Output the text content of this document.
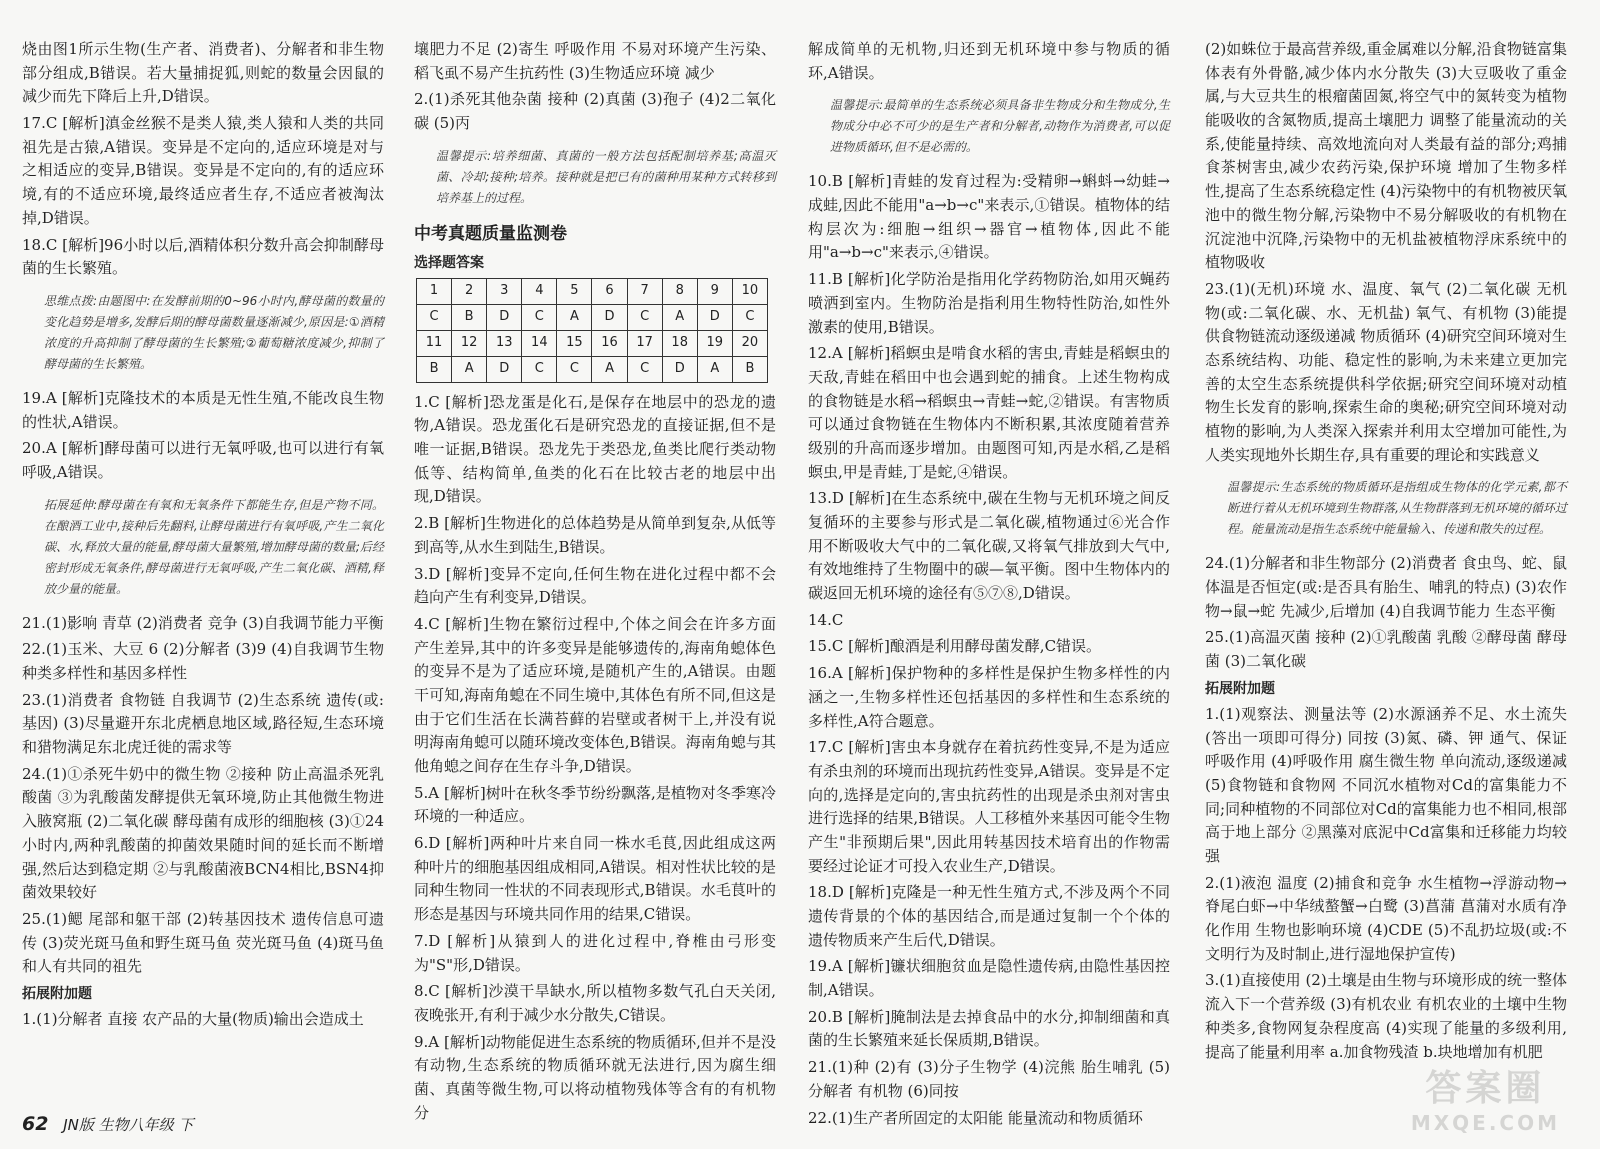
烧由图1所示生物(生产者、消费者)、分解者和非生物部分组成,B错误。若大量捕捉狐,则蛇的数量会因鼠的减少而先下降后上升,D错误。

17.C [解析]滇金丝猴不是类人猿,类人猿和人类的共同祖先是古猿,A错误。变异是不定向的,适应环境是对与之相适应的变异,B错误。变异是不定向的,有的适应环境,有的不适应环境,最终适应者生存,不适应者被淘汰掉,D错误。

18.C [解析]96小时以后,酒精体积分数升高会抑制酵母菌的生长繁殖。

思维点拨:由题图中:在发酵前期的0~96小时内,酵母菌的数量的变化趋势是增多,发酵后期的酵母菌数量逐渐减少,原因是:①酒精浓度的升高抑制了酵母菌的生长繁殖;②葡萄糖浓度减少,抑制了酵母菌的生长繁殖。

19.A [解析]克隆技术的本质是无性生殖,不能改良生物的性状,A错误。

20.A [解析]酵母菌可以进行无氧呼吸,也可以进行有氧呼吸,A错误。

拓展延伸:酵母菌在有氧和无氧条件下都能生存,但是产物不同。在酿酒工业中,接种后先翻料,让酵母菌进行有氧呼吸,产生二氧化碳、水,释放大量的能量,酵母菌大量繁殖,增加酵母菌的数量;后经密封形成无氧条件,酵母菌进行无氧呼吸,产生二氧化碳、酒精,释放少量的能量。

21.(1)影响 青草 (2)消费者 竞争 (3)自我调节能力平衡

22.(1)玉米、大豆 6 (2)分解者 (3)9 (4)自我调节生物种类多样性和基因多样性

23.(1)消费者 食物链 自我调节 (2)生态系统 遗传(或:基因) (3)尽量避开东北虎栖息地区域,路径短,生态环境和猎物满足东北虎迁徙的需求等

24.(1)①杀死牛奶中的微生物 ②接种 防止高温杀死乳酸菌 ③为乳酸菌发酵提供无氧环境,防止其他微生物进入腋窝瓶 (2)二氧化碳 酵母菌有成形的细胞核 (3)①24小时内,两种乳酸菌的抑菌效果随时间的延长而不断增强,然后达到稳定期 ②与乳酸菌液BCN4相比,BSN4抑菌效果较好

25.(1)鳃 尾部和躯干部 (2)转基因技术 遗传信息可遗传 (3)荧光斑马鱼和野生斑马鱼 荧光斑马鱼 (4)斑马鱼和人有共同的祖先

拓展附加题

1.(1)分解者 直接 农产品的大量(物质)输出会造成土

壤肥力不足 (2)寄生 呼吸作用 不易对环境产生污染、稻飞虱不易产生抗药性 (3)生物适应环境 减少

2.(1)杀死其他杂菌 接种 (2)真菌 (3)孢子 (4)2二氧化碳 (5)丙

温馨提示:培养细菌、真菌的一般方法包括配制培养基;高温灭菌、冷却;接种;培养。接种就是把已有的菌种用某种方式转移到培养基上的过程。

中考真题质量监测卷

选择题答案

1	2	3	4	5	6	7	8	9	10
C	B	D	C	A	D	C	A	D	C
11	12	13	14	15	16	17	18	19	20
B	A	D	C	C	A	C	D	A	B

1.C [解析]恐龙蛋是化石,是保存在地层中的恐龙的遗物,A错误。恐龙蛋化石是研究恐龙的直接证据,但不是唯一证据,B错误。恐龙先于类恐龙,鱼类比爬行类动物低等、结构简单,鱼类的化石在比较古老的地层中出现,D错误。

2.B [解析]生物进化的总体趋势是从简单到复杂,从低等到高等,从水生到陆生,B错误。

3.D [解析]变异不定向,任何生物在进化过程中都不会趋向产生有利变异,D错误。

4.C [解析]生物在繁衍过程中,个体之间会在许多方面产生差异,其中的许多变异是能够遗传的,海南角螅体色的变异不是为了适应环境,是随机产生的,A错误。由题干可知,海南角螅在不同生境中,其体色有所不同,但这是由于它们生活在长满苔藓的岩壁或者树干上,并没有说明海南角螅可以随环境改变体色,B错误。海南角螅与其他角螅之间存在生存斗争,D错误。

5.A [解析]树叶在秋冬季节纷纷飘落,是植物对冬季寒冷环境的一种适应。

6.D [解析]两种叶片来自同一株水毛茛,因此组成这两种叶片的细胞基因组成相同,A错误。相对性状比较的是同种生物同一性状的不同表现形式,B错误。水毛茛叶的形态是基因与环境共同作用的结果,C错误。

7.D [解析]从猿到人的进化过程中,脊椎由弓形变为"S"形,D错误。

8.C [解析]沙漠干旱缺水,所以植物多数气孔白天关闭,夜晚张开,有利于减少水分散失,C错误。

9.A [解析]动物能促进生态系统的物质循环,但并不是没有动物,生态系统的物质循环就无法进行,因为腐生细菌、真菌等微生物,可以将动植物残体等含有的有机物分

解成简单的无机物,归还到无机环境中参与物质的循环,A错误。

温馨提示:最简单的生态系统必须具备非生物成分和生物成分,生物成分中必不可少的是生产者和分解者,动物作为消费者,可以促进物质循环,但不是必需的。

10.B [解析]青蛙的发育过程为:受精卵→蝌蚪→幼蛙→成蛙,因此不能用"a→b→c"来表示,①错误。植物体的结构层次为:细胞→组织→器官→植物体,因此不能用"a→b→c"来表示,④错误。

11.B [解析]化学防治是指用化学药物防治,如用灭蝇药喷洒到室内。生物防治是指利用生物特性防治,如性外激素的使用,B错误。

12.A [解析]稻螟虫是啃食水稻的害虫,青蛙是稻螟虫的天敌,青蛙在稻田中也会遇到蛇的捕食。上述生物构成的食物链是水稻→稻螟虫→青蛙→蛇,②错误。有害物质可以通过食物链在生物体内不断积累,其浓度随着营养级别的升高而逐步增加。由题图可知,丙是水稻,乙是稻螟虫,甲是青蛙,丁是蛇,④错误。

13.D [解析]在生态系统中,碳在生物与无机环境之间反复循环的主要参与形式是二氧化碳,植物通过⑥光合作用不断吸收大气中的二氧化碳,又将氧气排放到大气中,有效地维持了生物圈中的碳—氧平衡。图中生物体内的碳返回无机环境的途径有⑤⑦⑧,D错误。

14.C

15.C [解析]酿酒是利用酵母菌发酵,C错误。

16.A [解析]保护物种的多样性是保护生物多样性的内涵之一,生物多样性还包括基因的多样性和生态系统的多样性,A符合题意。

17.C [解析]害虫本身就存在着抗药性变异,不是为适应有杀虫剂的环境而出现抗药性变异,A错误。变异是不定向的,选择是定向的,害虫抗药性的出现是杀虫剂对害虫进行选择的结果,B错误。人工移植外来基因可能令生物产生"非预期后果",因此用转基因技术培育出的作物需要经过论证才可投入农业生产,D错误。

18.D [解析]克隆是一种无性生殖方式,不涉及两个不同遗传背景的个体的基因结合,而是通过复制一个个体的遗传物质来产生后代,D错误。

19.A [解析]镰状细胞贫血是隐性遗传病,由隐性基因控制,A错误。

20.B [解析]腌制法是去掉食品中的水分,抑制细菌和真菌的生长繁殖来延长保质期,B错误。

21.(1)种 (2)有 (3)分子生物学 (4)浣熊 胎生哺乳 (5)分解者 有机物 (6)同按

22.(1)生产者所固定的太阳能 能量流动和物质循环

(2)如蛛位于最高营养级,重金属难以分解,沿食物链富集 体表有外骨骼,减少体内水分散失 (3)大豆吸收了重金属,与大豆共生的根瘤菌固氮,将空气中的氮转变为植物能吸收的含氮物质,提高土壤肥力 调整了能量流动的关系,使能量持续、高效地流向对人类最有益的部分;鸡捕食茶树害虫,减少农药污染,保护环境 增加了生物多样性,提高了生态系统稳定性 (4)污染物中的有机物被厌氧池中的微生物分解,污染物中不易分解吸收的有机物在沉淀池中沉降,污染物中的无机盐被植物浮床系统中的植物吸收

23.(1)(无机)环境 水、温度、氧气 (2)二氧化碳 无机物(或:二氧化碳、水、无机盐) 氧气、有机物 (3)能提供食物链流动逐级递减 物质循环 (4)研究空间环境对生态系统结构、功能、稳定性的影响,为未来建立更加完善的太空生态系统提供科学依据;研究空间环境对动植物生长发育的影响,探索生命的奥秘;研究空间环境对动植物的影响,为人类深入探索并利用太空增加可能性,为人类实现地外长期生存,具有重要的理论和实践意义

温馨提示:生态系统的物质循环是指组成生物体的化学元素,都不断进行着从无机环境到生物群落,从生物群落到无机环境的循环过程。能量流动是指生态系统中能量输入、传递和散失的过程。

24.(1)分解者和非生物部分 (2)消费者 食虫鸟、蛇、鼠 体温是否恒定(或:是否具有胎生、哺乳的特点) (3)农作物→鼠→蛇 先减少,后增加 (4)自我调节能力 生态平衡

25.(1)高温灭菌 接种 (2)①乳酸菌 乳酸 ②酵母菌 酵母菌 (3)二氧化碳

拓展附加题

1.(1)观察法、测量法等 (2)水源涵养不足、水土流失(答出一项即可得分) 同按 (3)氮、磷、钾 通气、保证呼吸作用 (4)呼吸作用 腐生微生物 单向流动,逐级递减 (5)食物链和食物网 不同沉水植物对Cd的富集能力不同;同种植物的不同部位对Cd的富集能力也不相同,根部高于地上部分 ②黑藻对底泥中Cd富集和迁移能力均较强

2.(1)液泡 温度 (2)捕食和竞争 水生植物→浮游动物→脊尾白虾→中华绒螯蟹→白鹭 (3)菖蒲 菖蒲对水质有净化作用 生物也影响环境 (4)CDE (5)不乱扔垃圾(或:不文明行为及时制止,进行湿地保护宣传)

3.(1)直接使用 (2)土壤是由生物与环境形成的统一整体流入下一个营养级 (3)有机农业 有机农业的土壤中生物种类多,食物网复杂程度高 (4)实现了能量的多级利用,提高了能量利用率 a.加食物残渣 b.块地增加有机肥

62 JN版 生物八年级 下
答案圈
MXQE.COM
